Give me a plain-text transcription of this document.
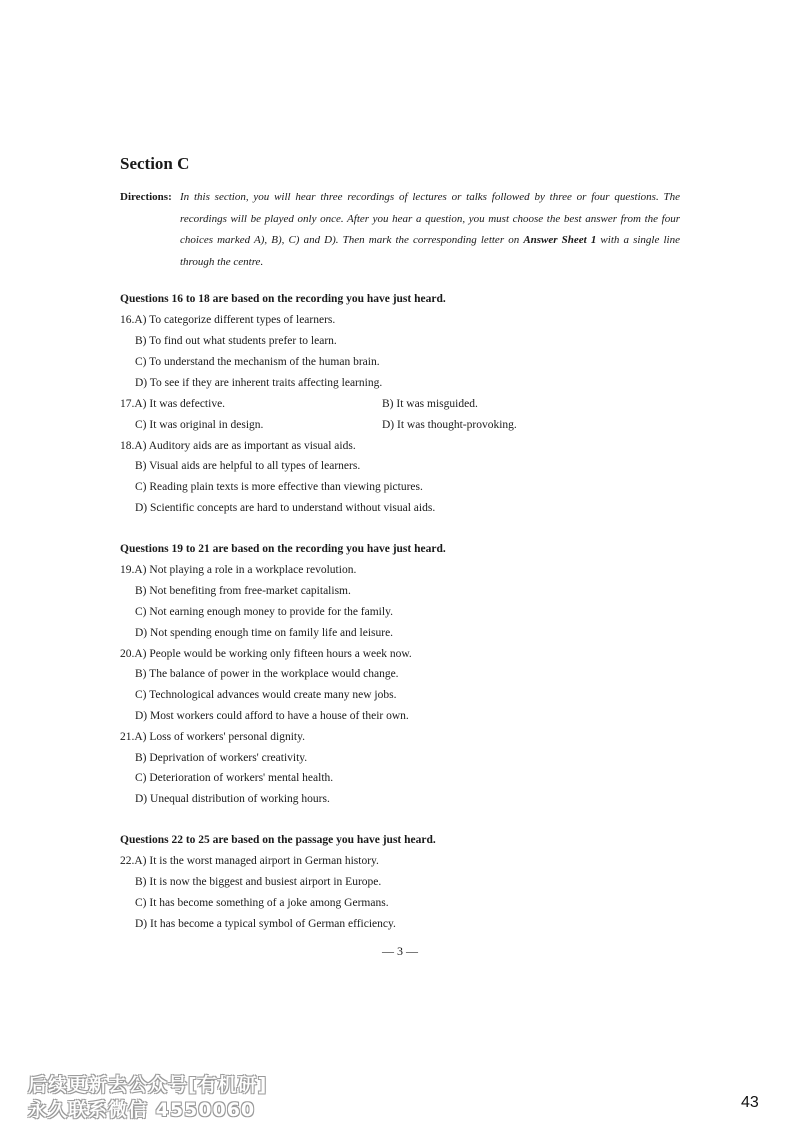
Section C
Directions: In this section, you will hear three recordings of lectures or talks followed by three or four questions. The recordings will be played only once. After you hear a question, you must choose the best answer from the four choices marked A), B), C) and D). Then mark the corresponding letter on Answer Sheet 1 with a single line through the centre.

Questions 16 to 18 are based on the recording you have just heard.

16.A) To categorize different types of learners.
B) To find out what students prefer to learn.
C) To understand the mechanism of the human brain.
D) To see if they are inherent traits affecting learning.
17.A) It was defective.	B) It was misguided.
C) It was original in design.	D) It was thought-provoking.
18.A) Auditory aids are as important as visual aids.
B) Visual aids are helpful to all types of learners.
C) Reading plain texts is more effective than viewing pictures.
D) Scientific concepts are hard to understand without visual aids.

Questions 19 to 21 are based on the recording you have just heard.

19.A) Not playing a role in a workplace revolution.
B) Not benefiting from free-market capitalism.
C) Not earning enough money to provide for the family.
D) Not spending enough time on family life and leisure.
20.A) People would be working only fifteen hours a week now.
B) The balance of power in the workplace would change.
C) Technological advances would create many new jobs.
D) Most workers could afford to have a house of their own.
21.A) Loss of workers' personal dignity.
B) Deprivation of workers' creativity.
C) Deterioration of workers' mental health.
D) Unequal distribution of working hours.

Questions 22 to 25 are based on the passage you have just heard.

22.A) It is the worst managed airport in German history.
B) It is now the biggest and busiest airport in Europe.
C) It has become something of a joke among Germans.
D) It has become a typical symbol of German efficiency.
— 3 —
后续更新去公众号[有机研]
永久联系微信 4550060	43
